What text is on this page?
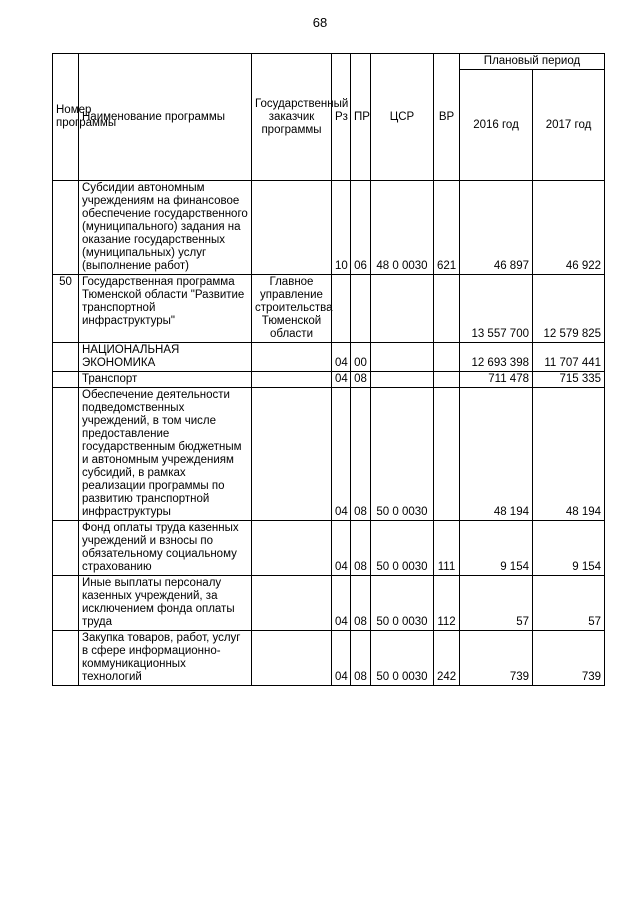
68
Номер программы	Наименование программы	Государственный заказчик программы	Рз	ПР	ЦСР	ВР	Плановый период	
							2016 год	2017 год
	Субсидии автономным учреждениям на финансовое обеспечение государственного (муниципального) задания на оказание государственных (муниципальных) услуг (выполнение работ)		10	06	48 0 0030	621	46 897	46 922
50	Государственная программа Тюменской области "Развитие транспортной инфраструктуры"	Главное управление строительства Тюменской области					13 557 700	12 579 825
	НАЦИОНАЛЬНАЯ ЭКОНОМИКА		04	00			12 693 398	11 707 441
	Транспорт		04	08			711 478	715 335
	Обеспечение деятельности подведомственных учреждений, в том числе предоставление государственным бюджетным и автономным учреждениям субсидий, в рамках реализации программы по развитию транспортной инфраструктуры		04	08	50 0 0030		48 194	48 194
	Фонд оплаты труда казенных учреждений и взносы по обязательному социальному страхованию		04	08	50 0 0030	111	9 154	9 154
	Иные выплаты персоналу казенных учреждений, за исключением фонда оплаты труда		04	08	50 0 0030	112	57	57
	Закупка товаров, работ, услуг в сфере информационно-коммуникационных технологий		04	08	50 0 0030	242	739	739
